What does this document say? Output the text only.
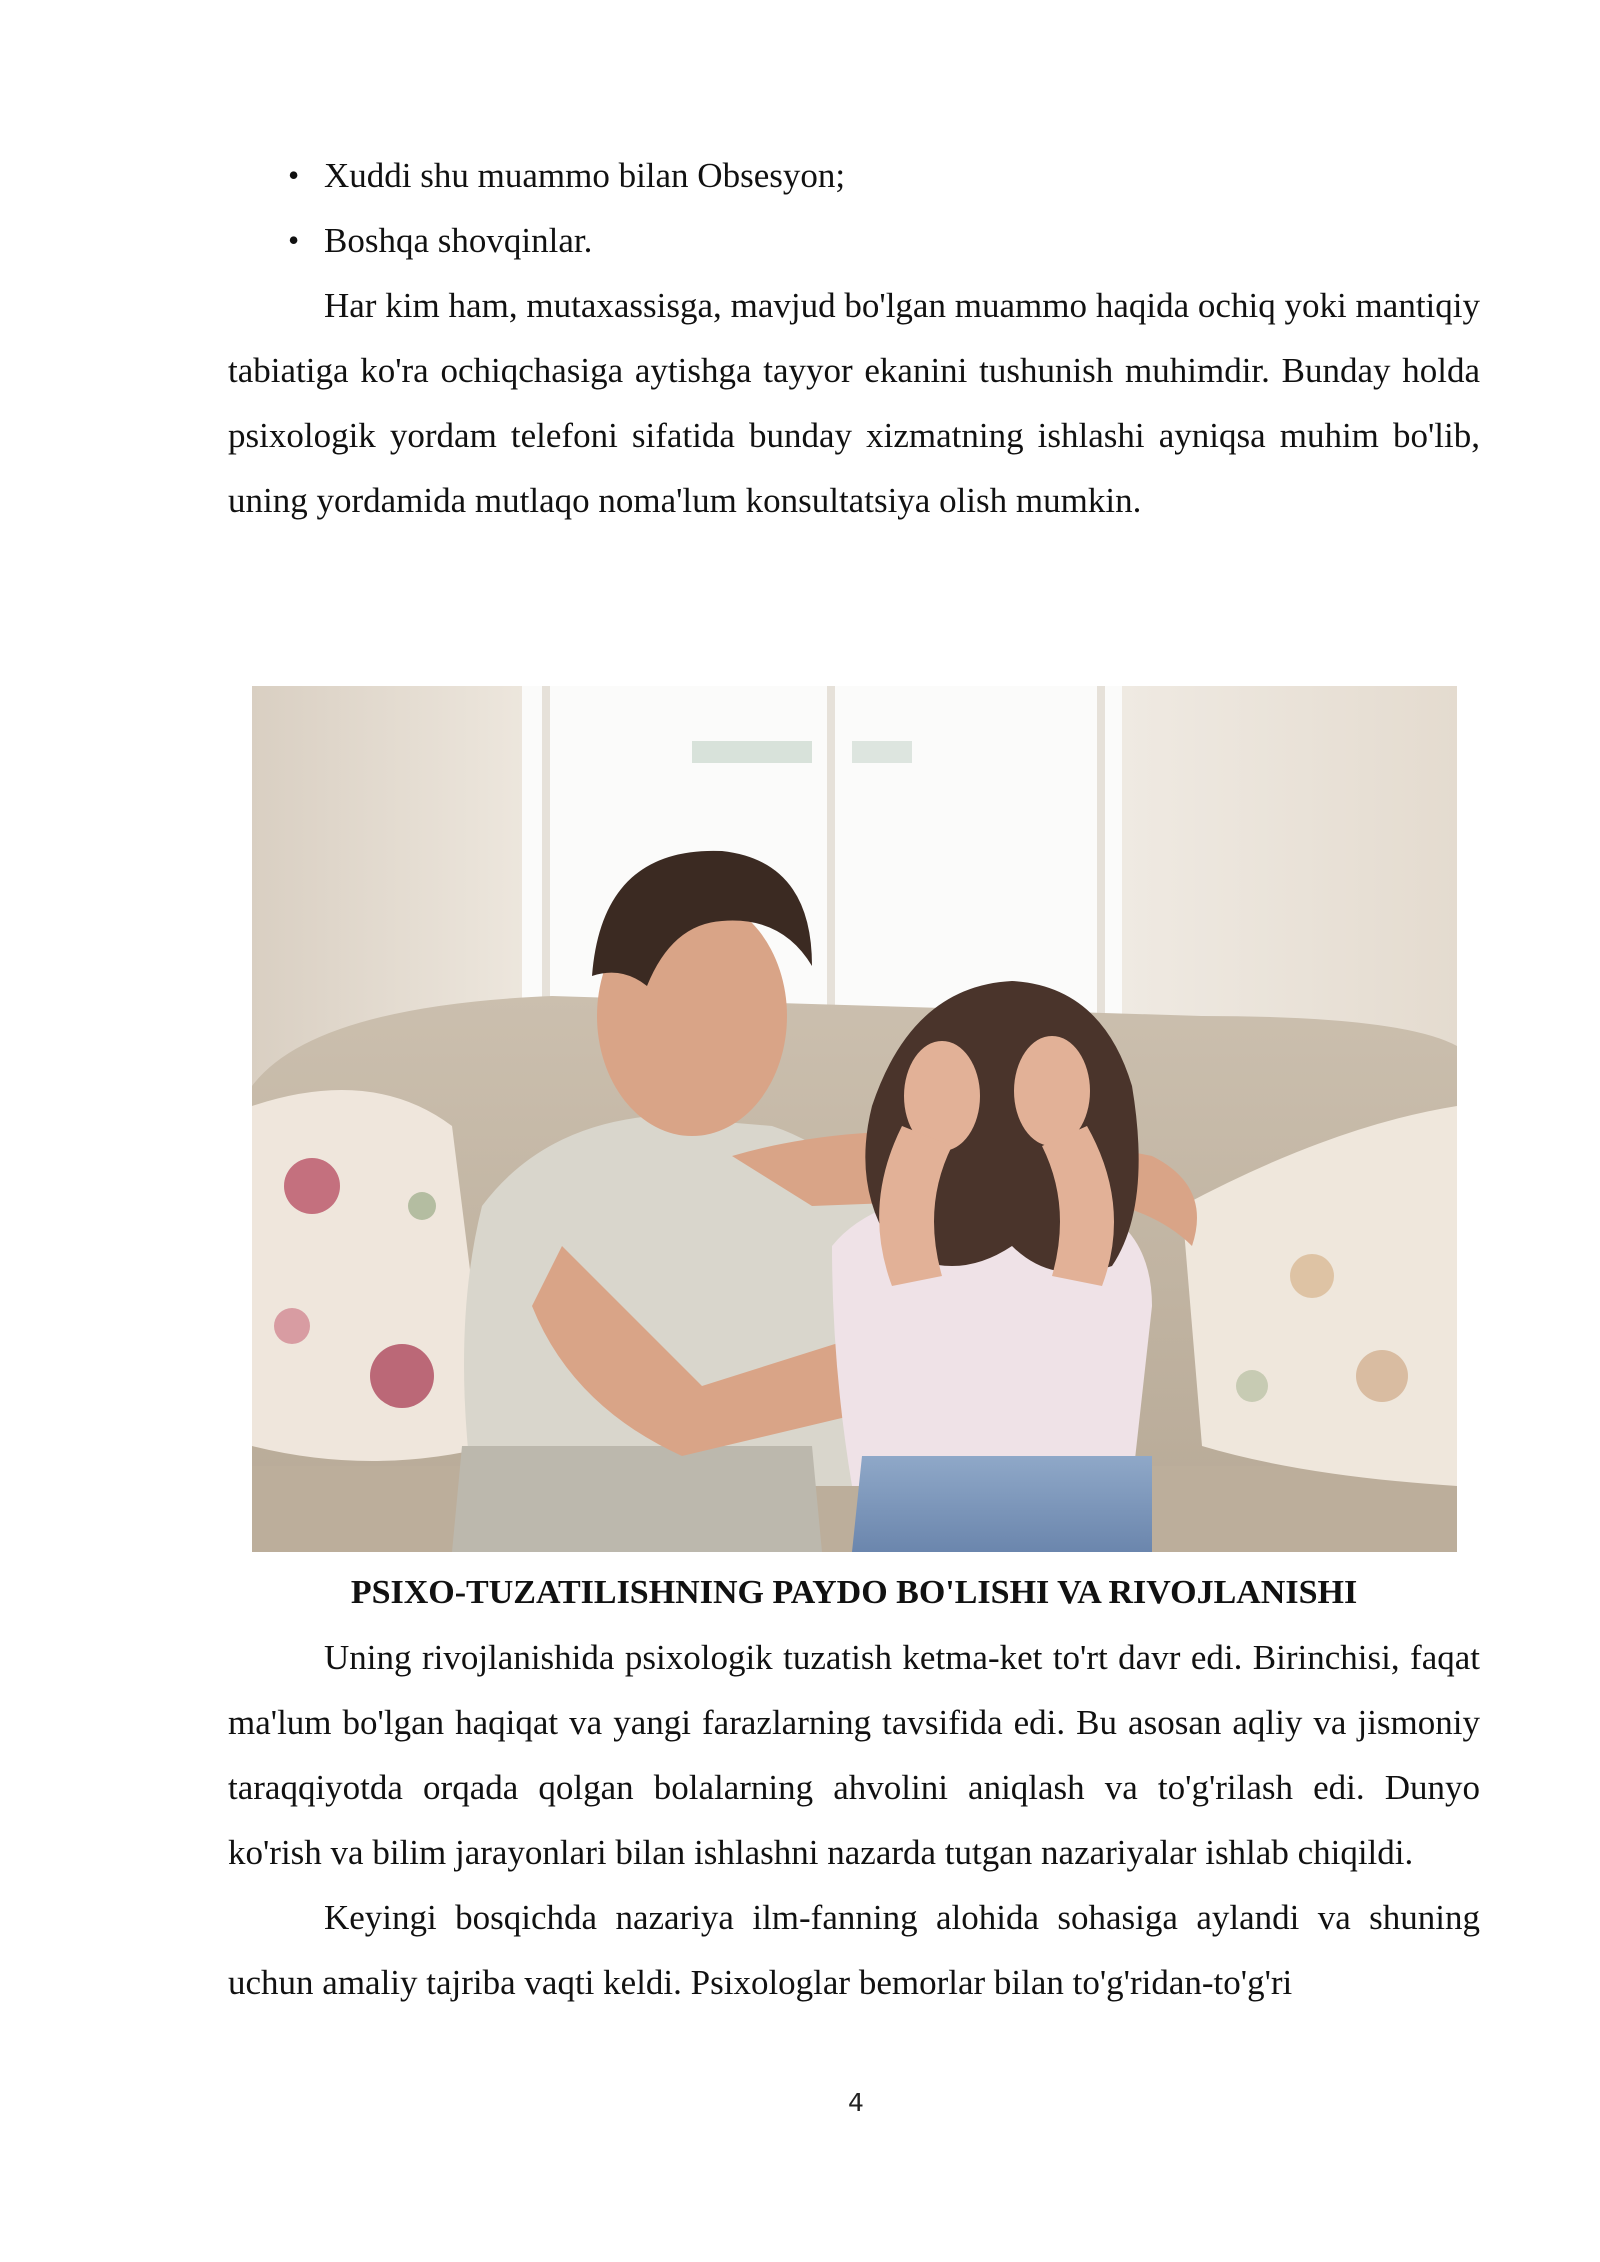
• Xuddi shu muammo bilan Obsesyon;
• Boshqa shovqinlar.

Har kim ham, mutaxassisga, mavjud bo'lgan muammo haqida ochiq yoki mantiqiy tabiatiga ko'ra ochiqchasiga aytishga tayyor ekanini tushunish muhimdir. Bunday holda psixologik yordam telefoni sifatida bunday xizmatning ishlashi ayniqsa muhim bo'lib, uning yordamida mutlaqo noma'lum konsultatsiya olish mumkin.

PSIXO-TUZATILISHNING PAYDO BO'LISHI VA RIVOJLANISHI

Uning rivojlanishida psixologik tuzatish ketma-ket to'rt davr edi. Birinchisi, faqat ma'lum bo'lgan haqiqat va yangi farazlarning tavsifida edi. Bu asosan aqliy va jismoniy taraqqiyotda orqada qolgan bolalarning ahvolini aniqlash va to'g'rilash edi. Dunyo ko'rish va bilim jarayonlari bilan ishlashni nazarda tutgan nazariyalar ishlab chiqildi.

Keyingi bosqichda nazariya ilm-fanning alohida sohasiga aylandi va shuning uchun amaliy tajriba vaqti keldi. Psixologlar bemorlar bilan to'g'ridan-to'g'ri

4
